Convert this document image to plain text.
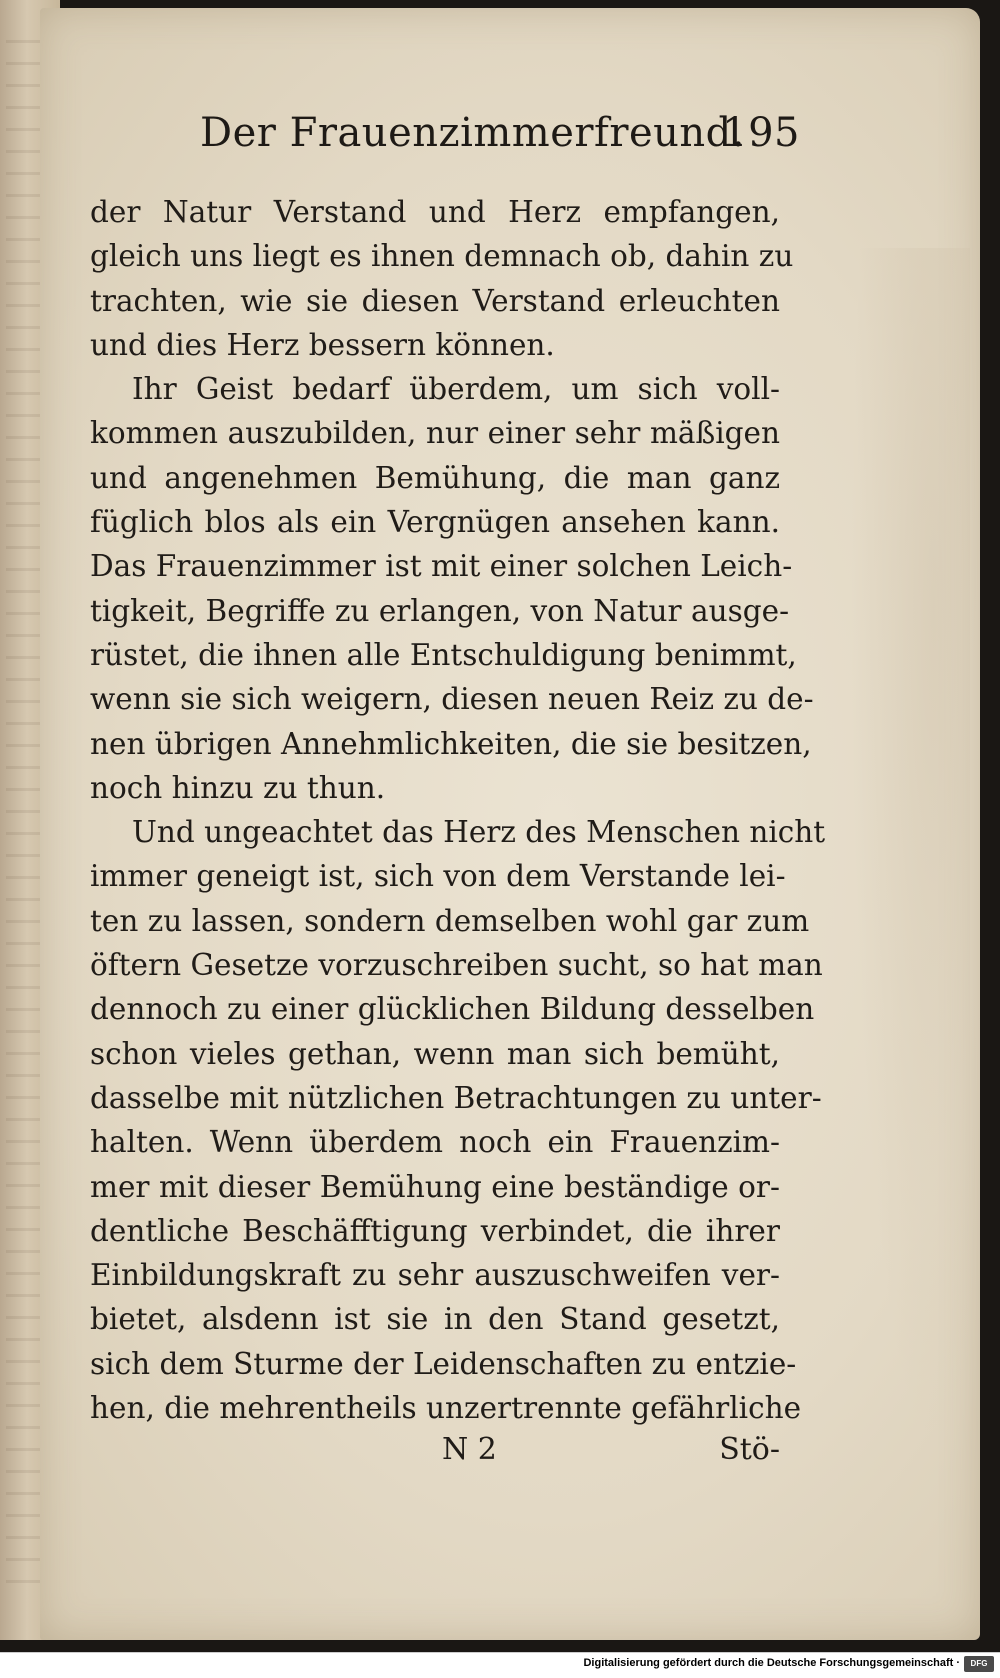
Der Frauenzimmerfreund.
195
der Natur Verstand und Herz empfangen,
gleich uns liegt es ihnen demnach ob, dahin zu
trachten, wie sie diesen Verstand erleuchten
und dies Herz bessern können.
Ihr Geist bedarf überdem, um sich voll-
kommen auszubilden, nur einer sehr mäßigen
und angenehmen Bemühung, die man ganz
füglich blos als ein Vergnügen ansehen kann.
Das Frauenzimmer ist mit einer solchen Leich-
tigkeit, Begriffe zu erlangen, von Natur ausge-
rüstet, die ihnen alle Entschuldigung benimmt,
wenn sie sich weigern, diesen neuen Reiz zu de-
nen übrigen Annehmlichkeiten, die sie besitzen,
noch hinzu zu thun.
Und ungeachtet das Herz des Menschen nicht
immer geneigt ist, sich von dem Verstande lei-
ten zu lassen, sondern demselben wohl gar zum
öftern Gesetze vorzuschreiben sucht, so hat man
dennoch zu einer glücklichen Bildung desselben
schon vieles gethan, wenn man sich bemüht,
dasselbe mit nützlichen Betrachtungen zu unter-
halten. Wenn überdem noch ein Frauenzim-
mer mit dieser Bemühung eine beständige or-
dentliche Beschäfftigung verbindet, die ihrer
Einbildungskraft zu sehr auszuschweifen ver-
bietet, alsdenn ist sie in den Stand gesetzt,
sich dem Sturme der Leidenschaften zu entzie-
hen, die mehrentheils unzertrennte gefährliche
N 2	Stö-
Digitalisierung gefördert durch die Deutsche Forschungsgemeinschaft ·	DFG
